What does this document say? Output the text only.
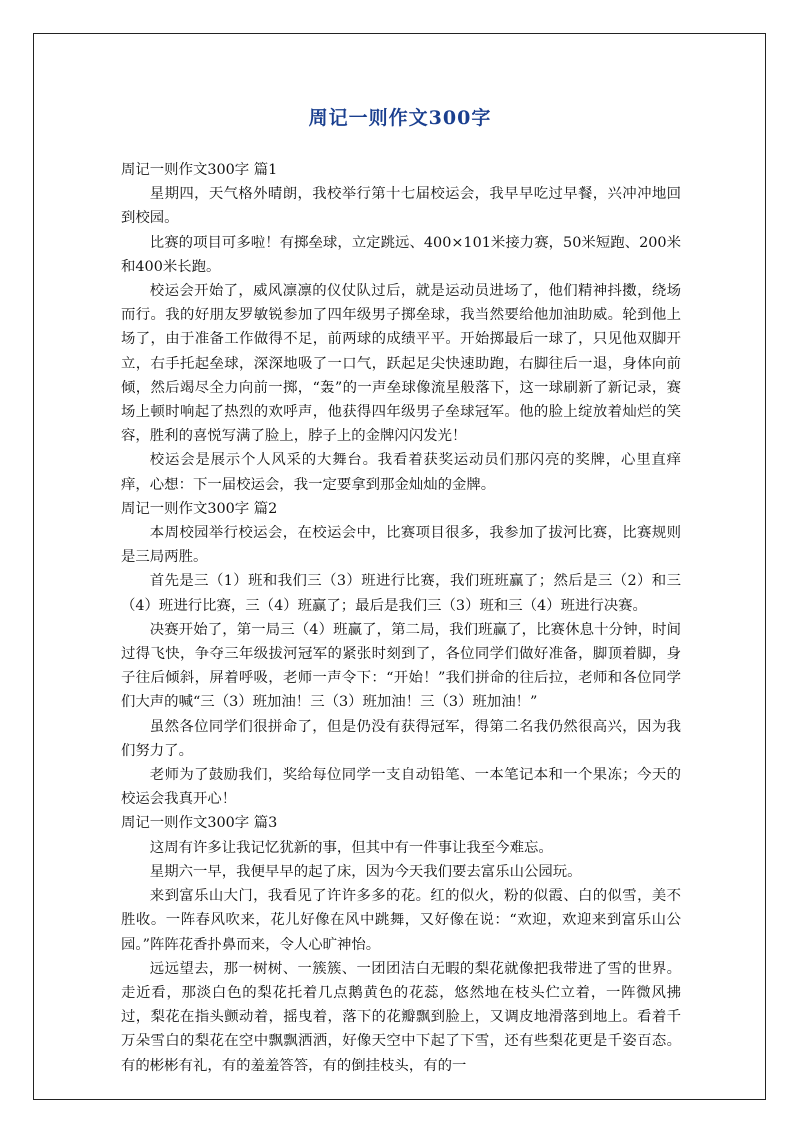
周记一则作文300字

周记一则作文300字 篇1

星期四，天气格外晴朗，我校举行第十七届校运会，我早早吃过早餐，兴冲冲地回到校园。

比赛的项目可多啦！有掷垒球，立定跳远、400×101米接力赛，50米短跑、200米和400米长跑。

校运会开始了，威风凛凛的仪仗队过后，就是运动员进场了，他们精神抖擞，绕场而行。我的好朋友罗敏锐参加了四年级男子掷垒球，我当然要给他加油助威。轮到他上场了，由于准备工作做得不足，前两球的成绩平平。开始掷最后一球了，只见他双脚开立，右手托起垒球，深深地吸了一口气，跃起足尖快速助跑，右脚往后一退，身体向前倾，然后竭尽全力向前一掷，“轰”的一声垒球像流星般落下，这一球刷新了新记录，赛场上顿时响起了热烈的欢呼声，他获得四年级男子垒球冠军。他的脸上绽放着灿烂的笑容，胜利的喜悦写满了脸上，脖子上的金牌闪闪发光！

校运会是展示个人风采的大舞台。我看着获奖运动员们那闪亮的奖牌，心里直痒痒，心想：下一届校运会，我一定要拿到那金灿灿的金牌。

周记一则作文300字 篇2

本周校园举行校运会，在校运会中，比赛项目很多，我参加了拔河比赛，比赛规则是三局两胜。

首先是三（1）班和我们三（3）班进行比赛，我们班班赢了；然后是三（2）和三（4）班进行比赛，三（4）班赢了；最后是我们三（3）班和三（4）班进行决赛。

决赛开始了，第一局三（4）班赢了，第二局，我们班赢了，比赛休息十分钟，时间过得飞快，争夺三年级拔河冠军的紧张时刻到了，各位同学们做好准备，脚顶着脚，身子往后倾斜，屏着呼吸，老师一声令下：“开始！”我们拼命的往后拉，老师和各位同学们大声的喊“三（3）班加油！三（3）班加油！三（3）班加油！”

虽然各位同学们很拼命了，但是仍没有获得冠军，得第二名我仍然很高兴，因为我们努力了。

老师为了鼓励我们，奖给每位同学一支自动铅笔、一本笔记本和一个果冻；今天的校运会我真开心！

周记一则作文300字 篇3

这周有许多让我记忆犹新的事，但其中有一件事让我至今难忘。

星期六一早，我便早早的起了床，因为今天我们要去富乐山公园玩。

来到富乐山大门，我看见了许许多多的花。红的似火，粉的似霞、白的似雪，美不胜收。一阵春风吹来，花儿好像在风中跳舞，又好像在说：“欢迎，欢迎来到富乐山公园。”阵阵花香扑鼻而来，令人心旷神怡。

远远望去，那一树树、一簇簇、一团团洁白无暇的梨花就像把我带进了雪的世界。走近看，那淡白色的梨花托着几点鹅黄色的花蕊，悠然地在枝头伫立着，一阵微风拂过，梨花在指头颤动着，摇曳着，落下的花瓣飘到脸上，又调皮地滑落到地上。看着千万朵雪白的梨花在空中飘飘洒洒，好像天空中下起了下雪，还有些梨花更是千姿百态。有的彬彬有礼，有的羞羞答答，有的倒挂枝头，有的一
